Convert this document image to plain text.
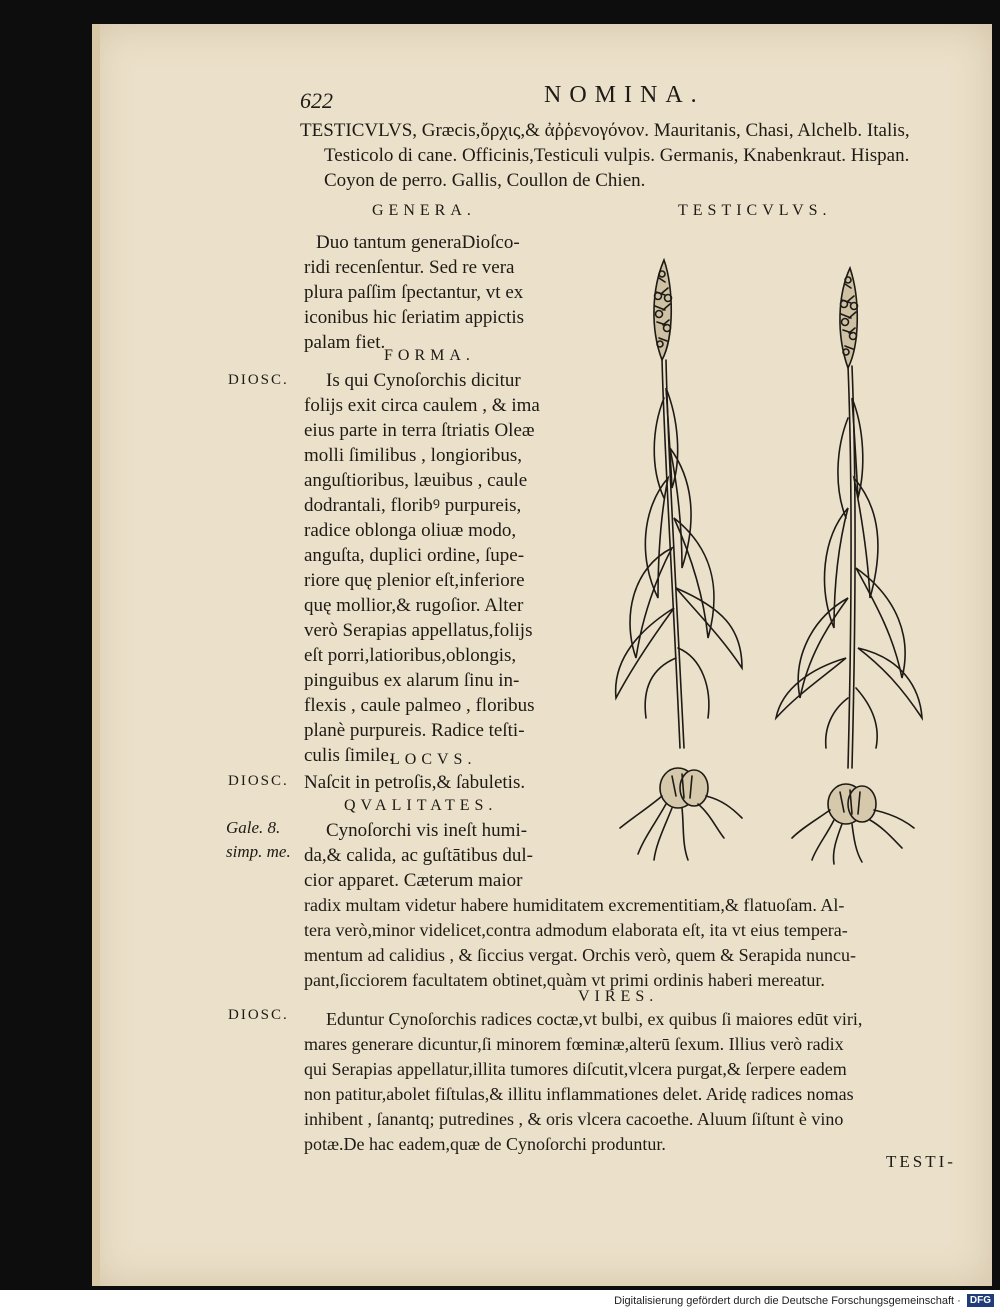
622	NOMINA.
TESTICVLVS, Græcis,ὄρχις,& ἀῤῥενογόνον. Mauritanis, Chasi, Alchelb. Italis,
Testicolo di cane. Officinis,Testiculi vulpis. Germanis, Knabenkraut. Hispan.
Coyon de perro. Gallis, Coullon de Chien.
GENERA.	TESTICVLVS.
Duo tantum generaDioſco-
ridi recenſentur. Sed re vera
plura paſſim ſpectantur, vt ex
iconibus hic ſeriatim appictis
palam fiet.
FORMA.
DIOSC. Is qui Cynoſorchis dicitur
folijs exit circa caulem , & ima
eius parte in terra ſtriatis Oleæ
molli ſimilibus , longioribus,
anguſtioribus, læuibus , caule
dodrantali, floribꝰ purpureis,
radice oblonga oliuæ modo,
anguſta, duplici ordine, ſupe-
riore quę plenior eſt,inferiore
quę mollior,& rugoſior. Alter
verò Serapias appellatus,folijs
eſt porri,latioribus,oblongis,
pinguibus ex alarum ſinu in-
flexis , caule palmeo , floribus
planè purpureis. Radice teſti-
culis ſimile.
LOCVS.
DIOSC. Naſcit in petroſis,& ſabuletis.
QVALITATES.
Gale. 8.
simp. me.
Cynoſorchi vis ineſt humi-
da,& calida, ac guſtātibus dul-
cior apparet. Cæterum maior
radix multam videtur habere humiditatem excrementitiam,& flatuoſam. Al-
tera verò,minor videlicet,contra admodum elaborata eſt, ita vt eius tempera-
mentum ad calidius , & ſiccius vergat. Orchis verò, quem & Serapida nuncu-
pant,ſicciorem facultatem obtinet,quàm vt primi ordinis haberi mereatur.
VIRES.
DIOSC. Eduntur Cynoſorchis radices coctæ,vt bulbi, ex quibus ſi maiores edūt viri,
mares generare dicuntur,ſi minorem fœminæ,alterū ſexum. Illius verò radix
qui Serapias appellatur,illita tumores diſcutit,vlcera purgat,& ſerpere eadem
non patitur,abolet fiſtulas,& illitu inflammationes delet. Aridę radices nomas
inhibent , ſanantq; putredines , & oris vlcera cacoethe. Aluum ſiſtunt è vino
potæ.De hac eadem,quæ de Cynoſorchi produntur.
TESTI-
Digitalisierung gefördert durch die Deutsche Forschungsgemeinschaft · DFG
